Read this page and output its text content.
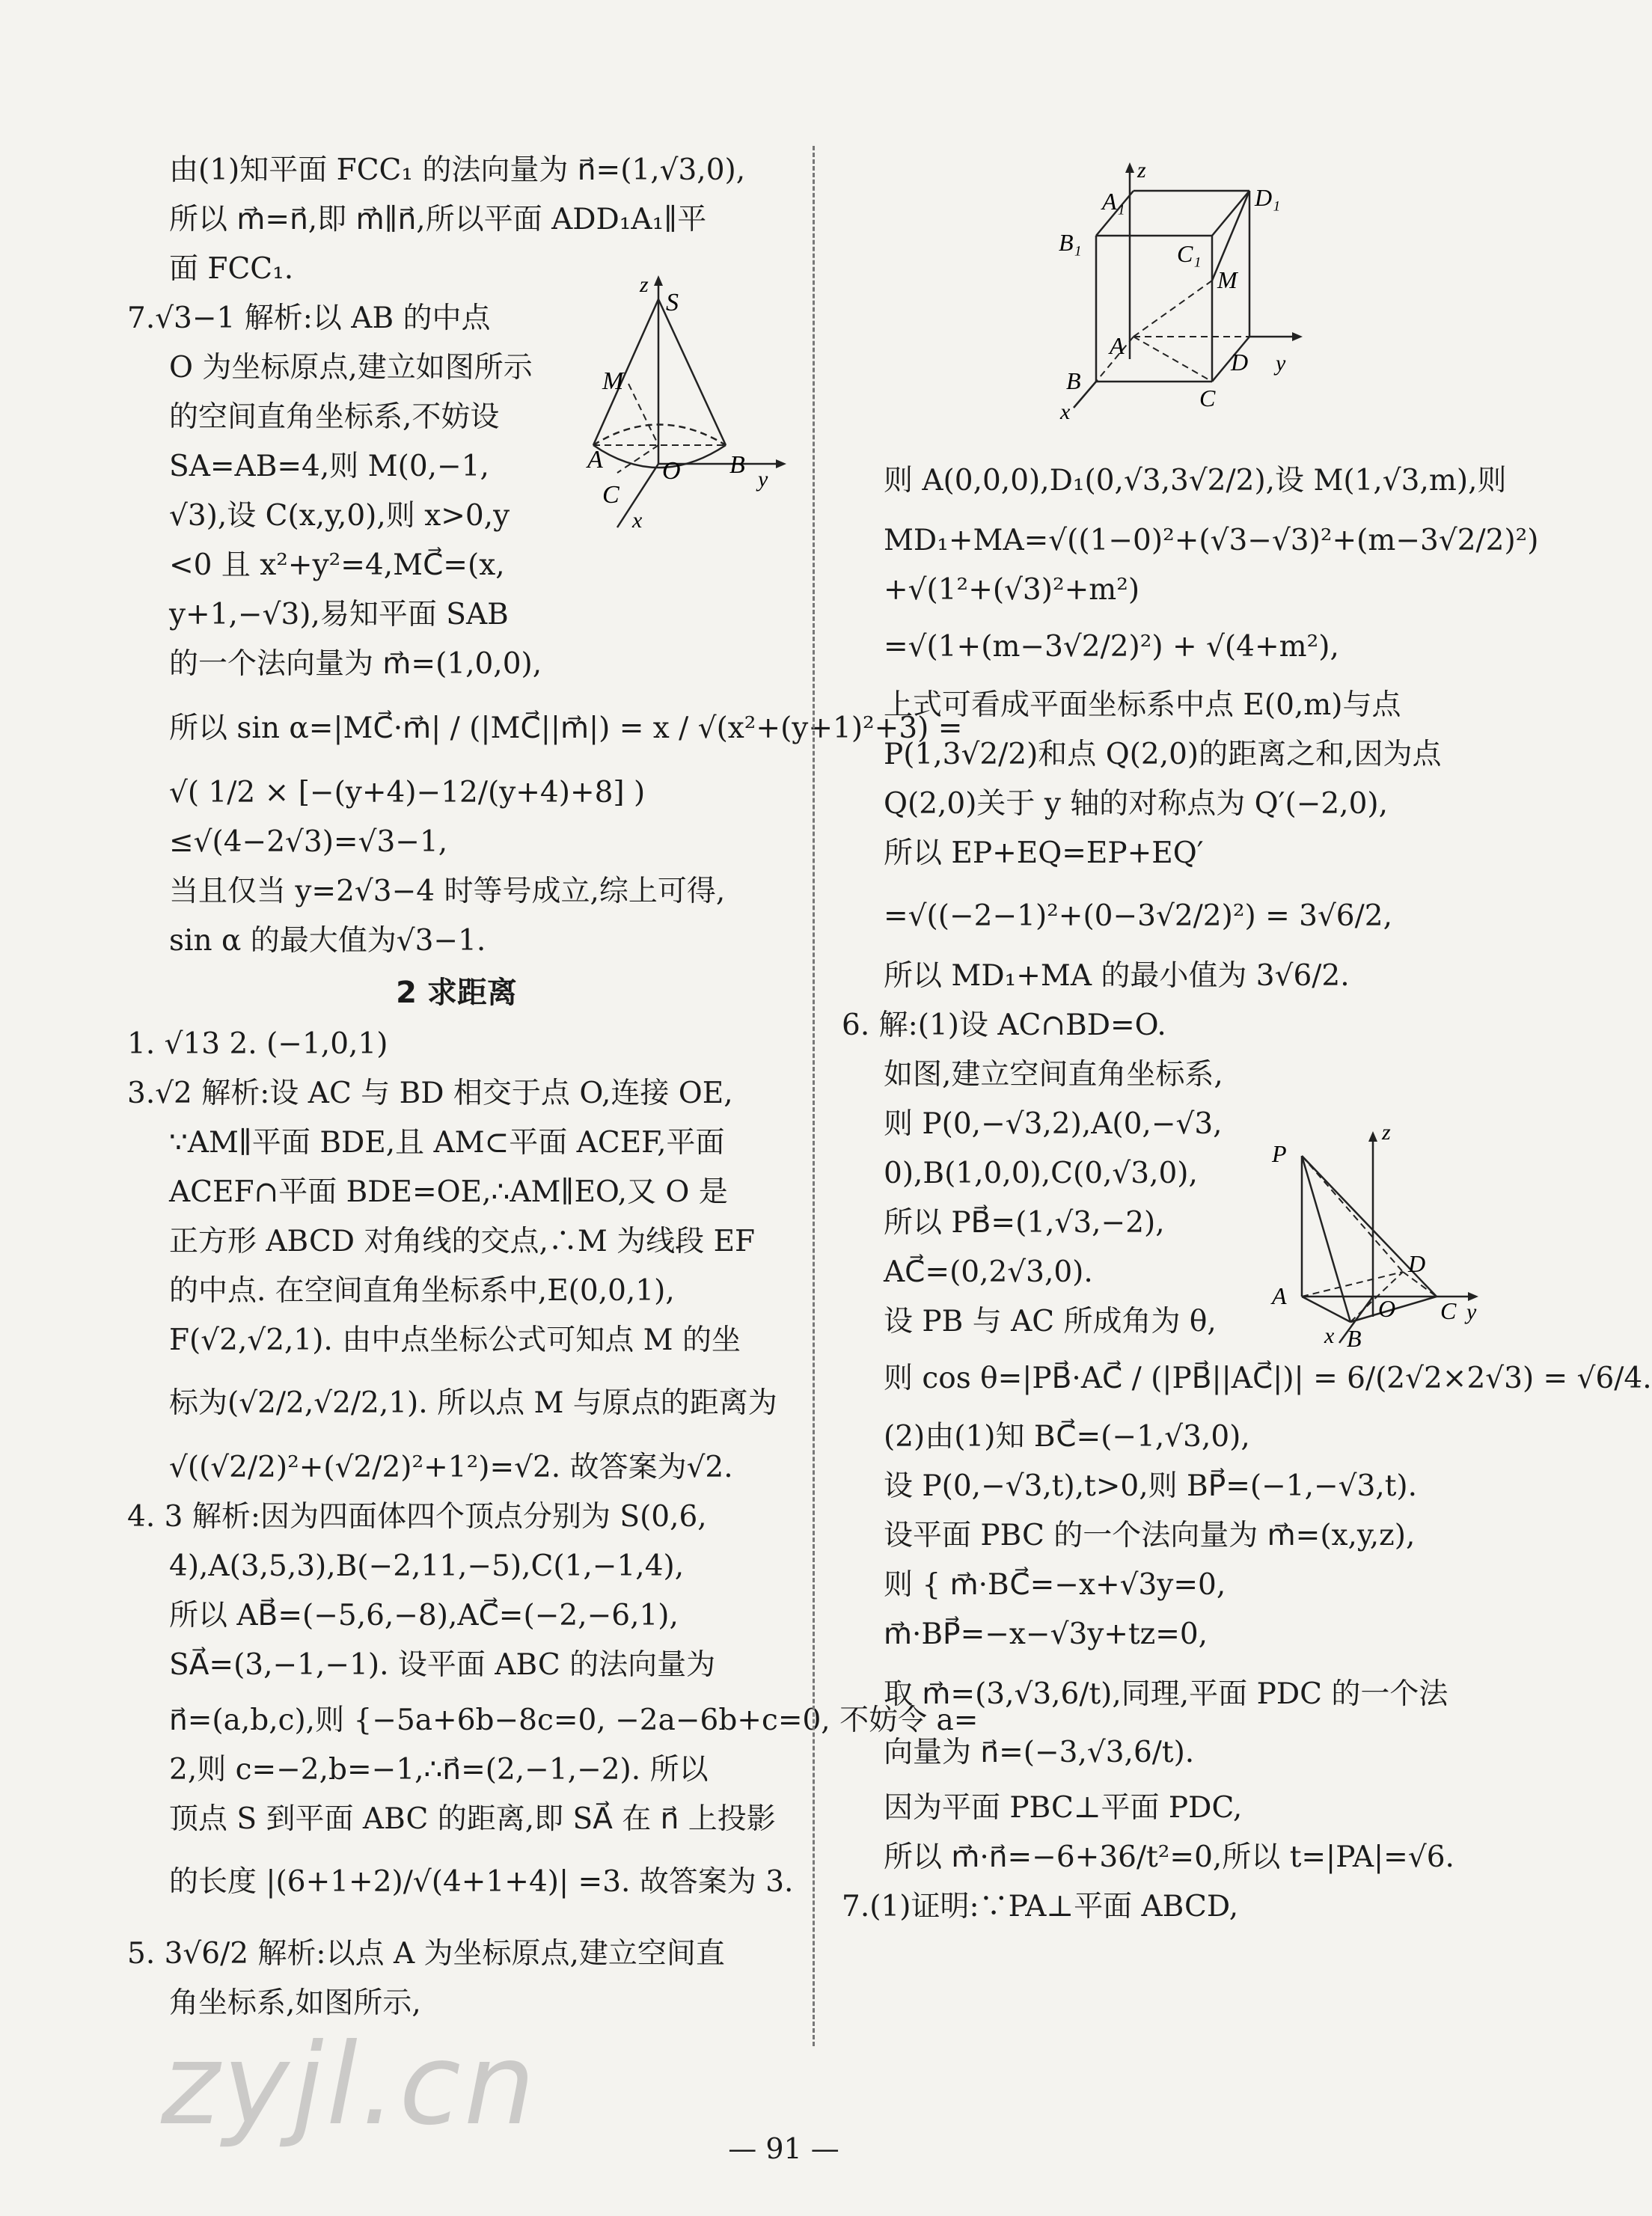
由(1)知平面 FCC₁ 的法向量为 n⃗=(1,√3,0),
所以 m⃗=n⃗,即 m⃗∥n⃗,所以平面 ADD₁A₁∥平
面 FCC₁.
7.√3−1 解析:以 AB 的中点
O 为坐标原点,建立如图所示
的空间直角坐标系,不妨设
SA=AB=4,则 M(0,−1,
√3),设 C(x,y,0),则 x>0,y
<0 且 x²+y²=4,MC⃗=(x,
y+1,−√3),易知平面 SAB
的一个法向量为 m⃗=(1,0,0),
所以 sin α=|MC⃗·m⃗| / (|MC⃗||m⃗|) = x / √(x²+(y+1)²+3) =
√( 1/2 × [−(y+4)−12/(y+4)+8] )
≤√(4−2√3)=√3−1,
当且仅当 y=2√3−4 时等号成立,综上可得,
sin α 的最大值为√3−1.
2 求距离
1. √13 2. (−1,0,1)
3.√2 解析:设 AC 与 BD 相交于点 O,连接 OE,
∵AM∥平面 BDE,且 AM⊂平面 ACEF,平面
ACEF∩平面 BDE=OE,∴AM∥EO,又 O 是
正方形 ABCD 对角线的交点,∴M 为线段 EF
的中点. 在空间直角坐标系中,E(0,0,1),
F(√2,√2,1). 由中点坐标公式可知点 M 的坐
标为(√2/2,√2/2,1). 所以点 M 与原点的距离为
√((√2/2)²+(√2/2)²+1²)=√2. 故答案为√2.
4. 3 解析:因为四面体四个顶点分别为 S(0,6,
4),A(3,5,3),B(−2,11,−5),C(1,−1,4),
所以 AB⃗=(−5,6,−8),AC⃗=(−2,−6,1),
SA⃗=(3,−1,−1). 设平面 ABC 的法向量为
n⃗=(a,b,c),则 {−5a+6b−8c=0, −2a−6b+c=0, 不妨令 a=
2,则 c=−2,b=−1,∴n⃗=(2,−1,−2). 所以
顶点 S 到平面 ABC 的距离,即 SA⃗ 在 n⃗ 上投影
的长度 |(6+1+2)/√(4+1+4)| =3. 故答案为 3.
5. 3√6/2 解析:以点 A 为坐标原点,建立空间直
角坐标系,如图所示,
则 A(0,0,0),D₁(0,√3,3√2/2),设 M(1,√3,m),则
MD₁+MA=√((1−0)²+(√3−√3)²+(m−3√2/2)²)
+√(1²+(√3)²+m²)
=√(1+(m−3√2/2)²) + √(4+m²),
上式可看成平面坐标系中点 E(0,m)与点
P(1,3√2/2)和点 Q(2,0)的距离之和,因为点
Q(2,0)关于 y 轴的对称点为 Q′(−2,0),
所以 EP+EQ=EP+EQ′
=√((−2−1)²+(0−3√2/2)²) = 3√6/2,
所以 MD₁+MA 的最小值为 3√6/2.
6. 解:(1)设 AC∩BD=O.
如图,建立空间直角坐标系,
则 P(0,−√3,2),A(0,−√3,
0),B(1,0,0),C(0,√3,0),
所以 PB⃗=(1,√3,−2),
AC⃗=(0,2√3,0).
设 PB 与 AC 所成角为 θ,
则 cos θ=|PB⃗·AC⃗ / (|PB⃗||AC⃗|)| = 6/(2√2×2√3) = √6/4.
(2)由(1)知 BC⃗=(−1,√3,0),
设 P(0,−√3,t),t>0,则 BP⃗=(−1,−√3,t).
设平面 PBC 的一个法向量为 m⃗=(x,y,z),
则 { m⃗·BC⃗=−x+√3y=0,
m⃗·BP⃗=−x−√3y+tz=0,
取 m⃗=(3,√3,6/t),同理,平面 PDC 的一个法
向量为 n⃗=(−3,√3,6/t).
因为平面 PBC⊥平面 PDC,
所以 m⃗·n⃗=−6+36/t²=0,所以 t=|PA|=√6.
7.(1)证明:∵PA⊥平面 ABCD,
z
S
M
A O B
y
C
x
z
A₁	D₁
B₁	C₁
M
A
B
D y
C
x
z
P
D
A	O C y
x B
zyjl.cn	— 91 —
